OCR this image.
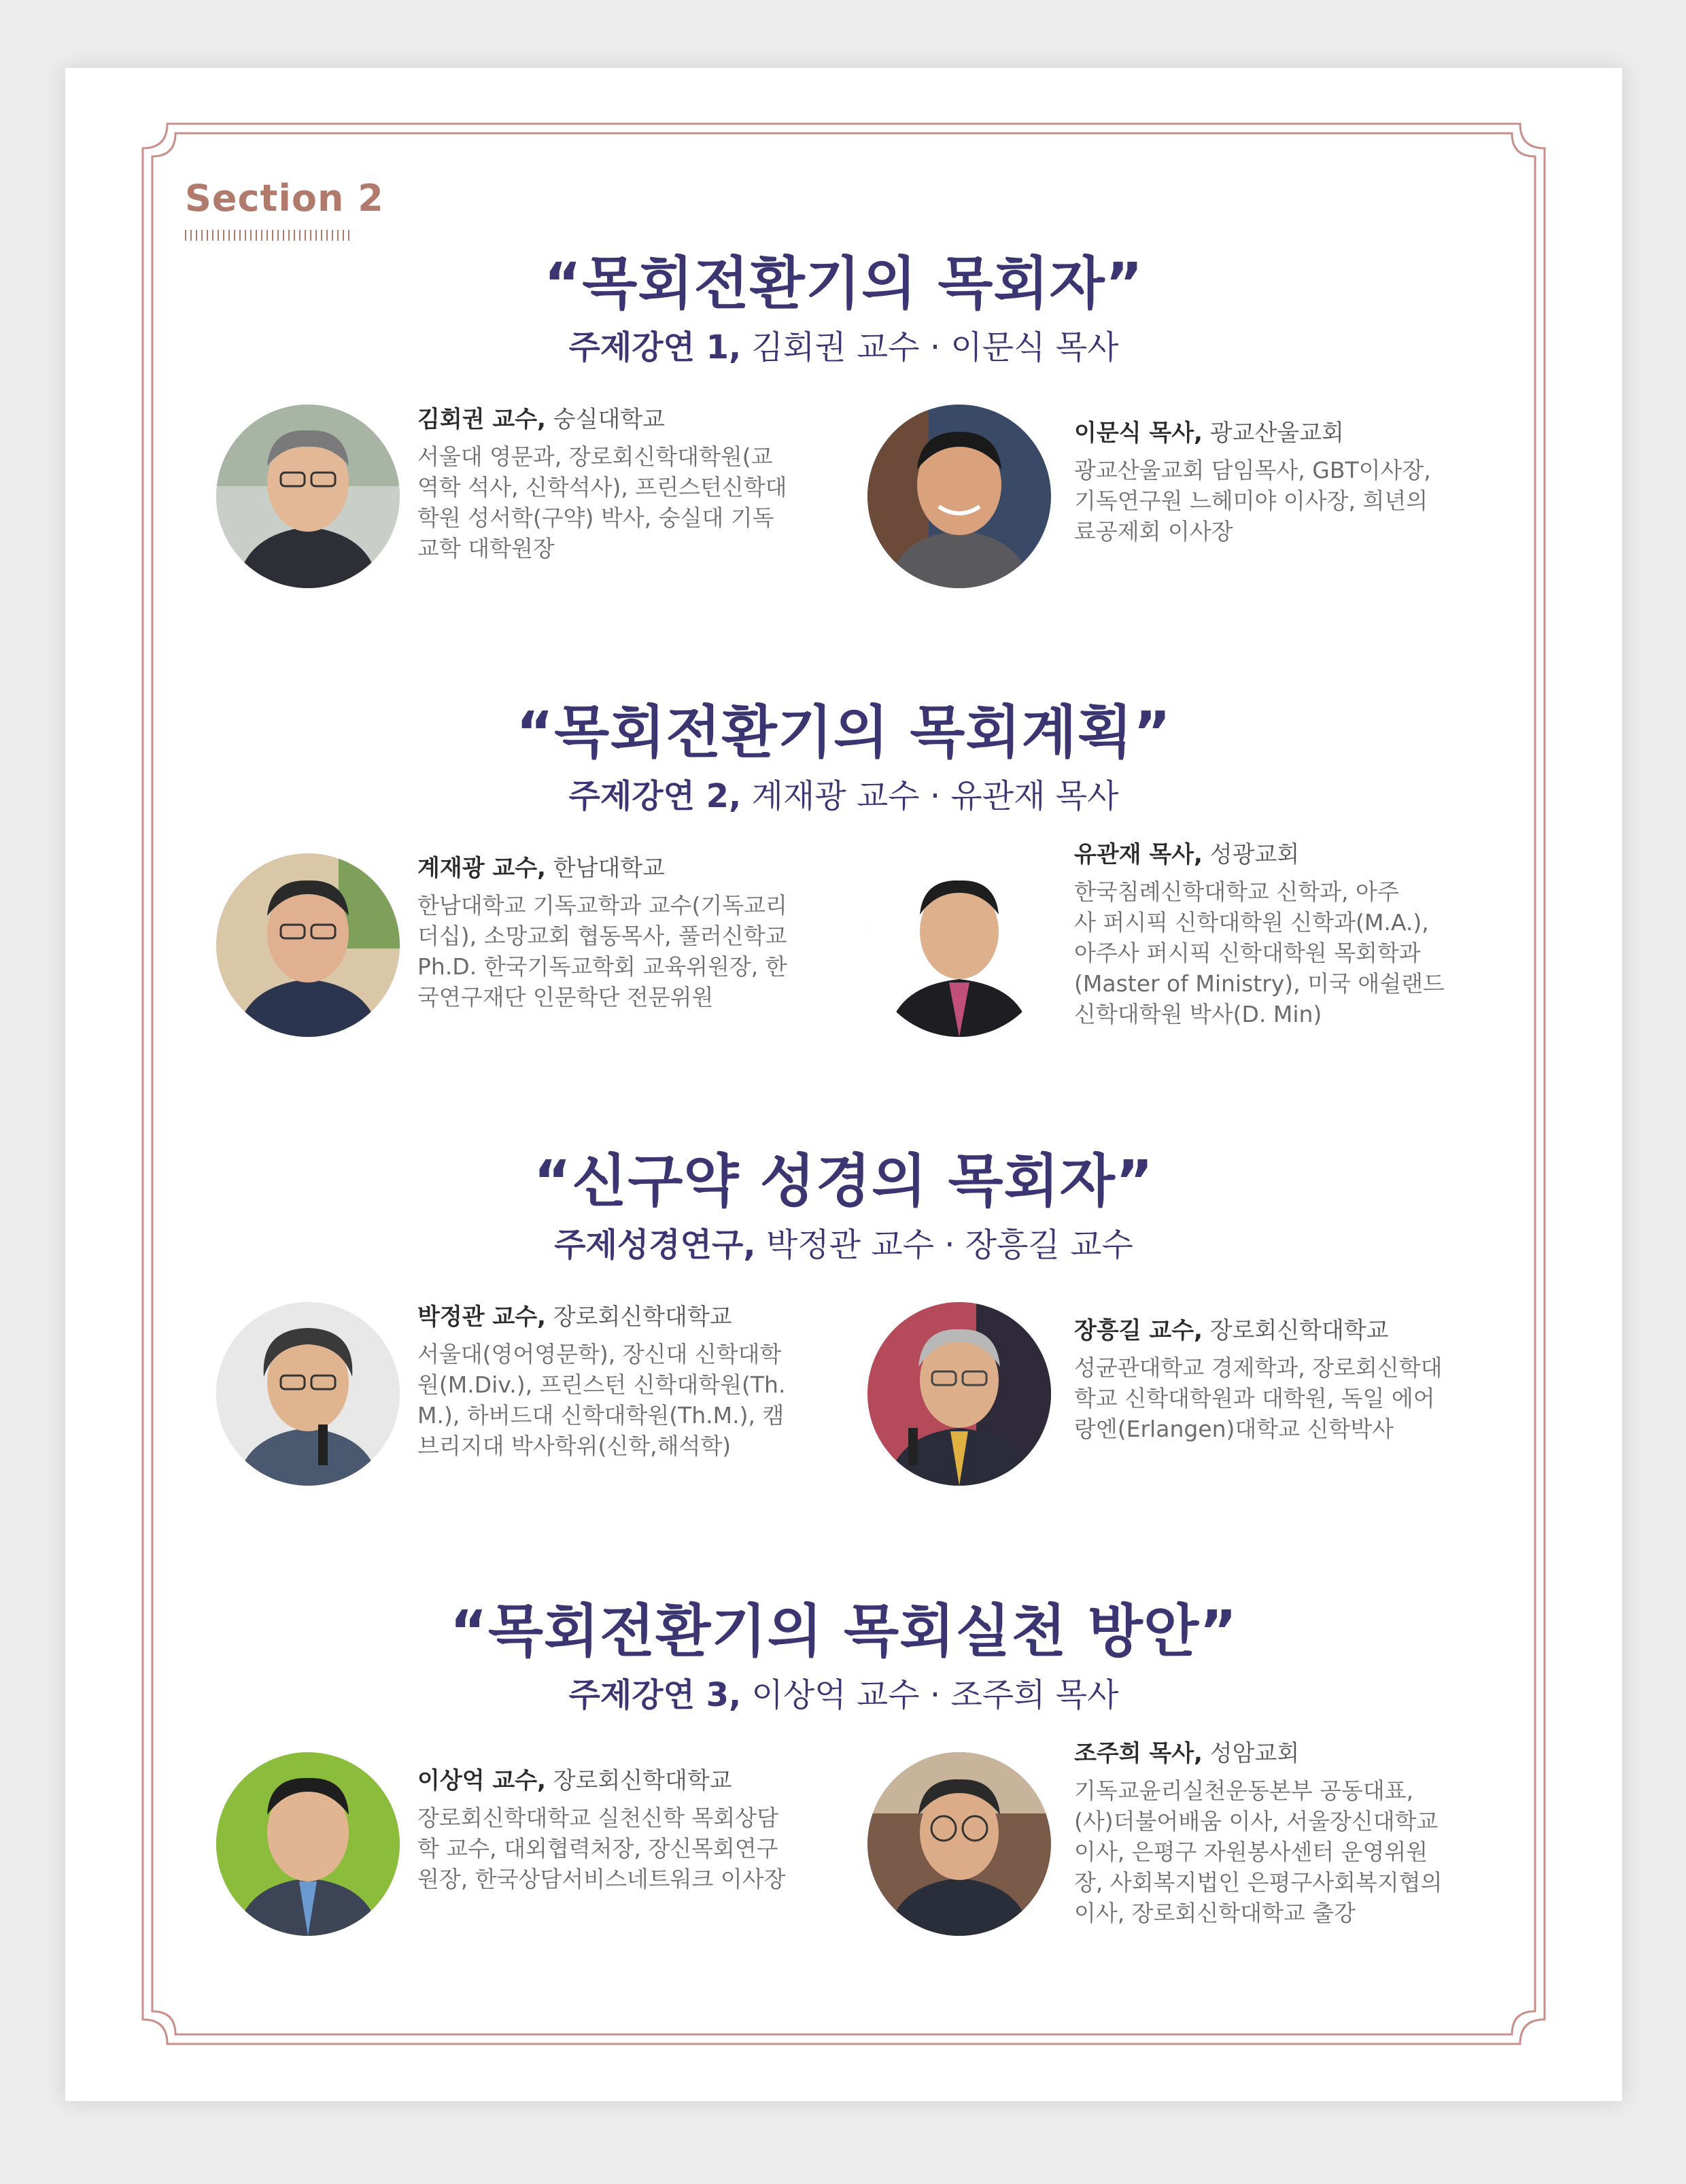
Section 2
“목회전환기의 목회자”
주제강연 1, 김회권 교수 · 이문식 목사
김회권 교수, 숭실대학교
서울대 영문과, 장로회신학대학원(교
역학 석사, 신학석사), 프린스턴신학대
학원 성서학(구약) 박사, 숭실대 기독
교학 대학원장
이문식 목사, 광교산울교회
광교산울교회 담임목사, GBT이사장,
기독연구원 느헤미야 이사장, 희년의
료공제회 이사장
“목회전환기의 목회계획”
주제강연 2, 계재광 교수 · 유관재 목사
계재광 교수, 한남대학교
한남대학교 기독교학과 교수(기독교리
더십), 소망교회 협동목사, 풀러신학교
Ph.D. 한국기독교학회 교육위원장, 한
국연구재단 인문학단 전문위원
유관재 목사, 성광교회
한국침례신학대학교 신학과, 아주
사 퍼시픽 신학대학원 신학과(M.A.),
아주사 퍼시픽 신학대학원 목회학과
(Master of Ministry), 미국 애쉴랜드
신학대학원 박사(D. Min)
“신구약 성경의 목회자”
주제성경연구, 박정관 교수 · 장흥길 교수
박정관 교수, 장로회신학대학교
서울대(영어영문학), 장신대 신학대학
원(M.Div.), 프린스턴 신학대학원(Th.
M.), 하버드대 신학대학원(Th.M.), 캠
브리지대 박사학위(신학,해석학)
장흥길 교수, 장로회신학대학교
성균관대학교 경제학과, 장로회신학대
학교 신학대학원과 대학원, 독일 에어
랑엔(Erlangen)대학교 신학박사
“목회전환기의 목회실천 방안”
주제강연 3, 이상억 교수 · 조주희 목사
이상억 교수, 장로회신학대학교
장로회신학대학교 실천신학 목회상담
학 교수, 대외협력처장, 장신목회연구
원장, 한국상담서비스네트워크 이사장
조주희 목사, 성암교회
기독교윤리실천운동본부 공동대표,
(사)더불어배움 이사, 서울장신대학교
이사, 은평구 자원봉사센터 운영위원
장, 사회복지법인 은평구사회복지협의
이사, 장로회신학대학교 출강
